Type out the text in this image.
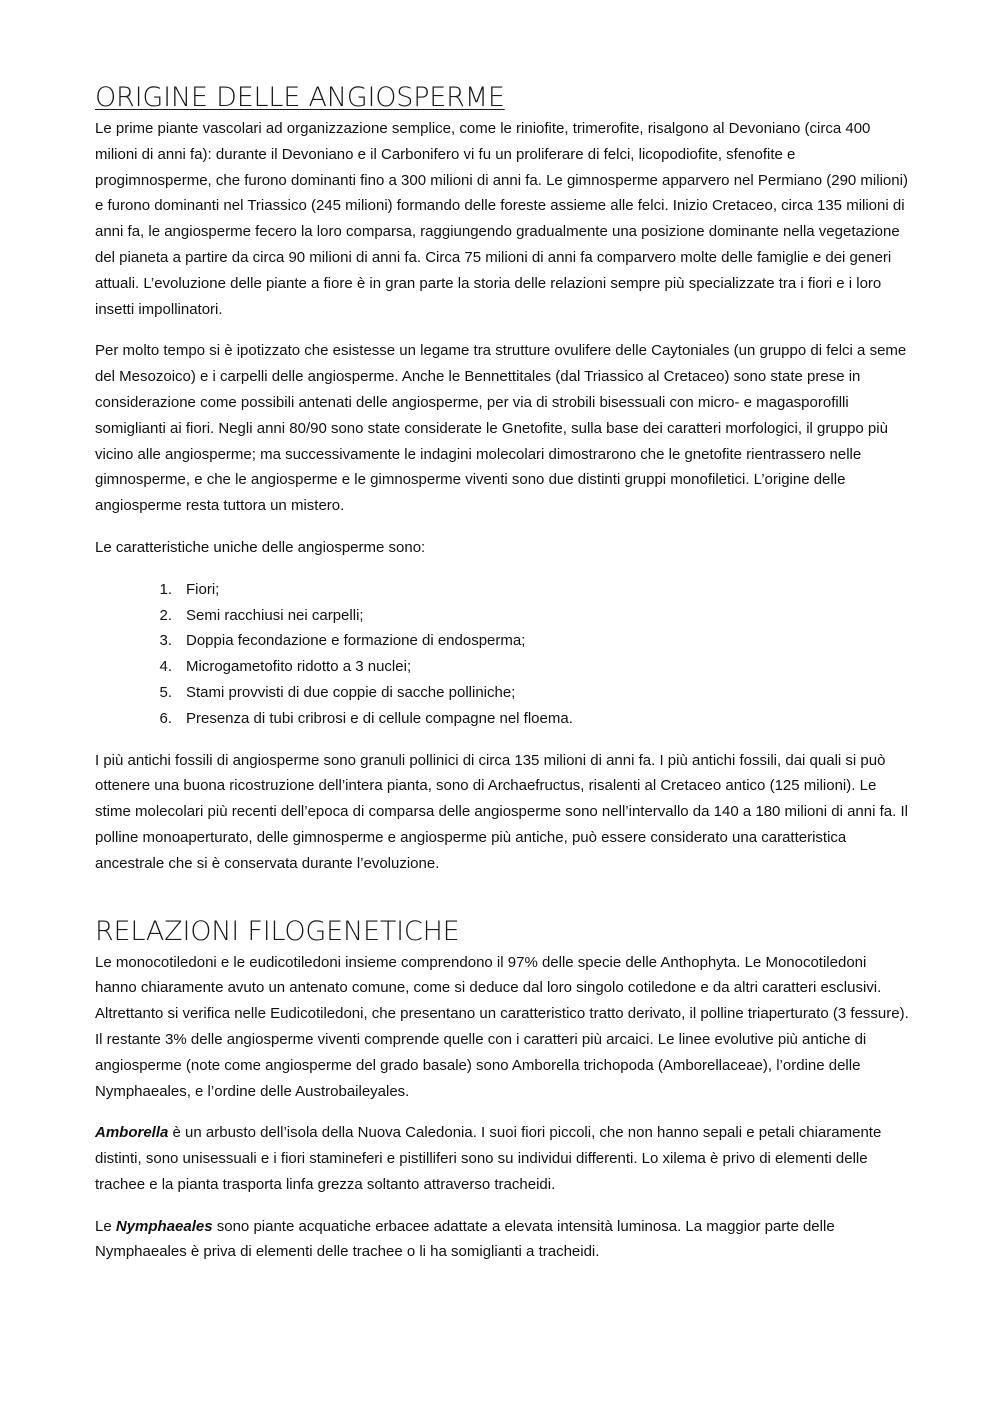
ORIGINE DELLE ANGIOSPERME

Le prime piante vascolari ad organizzazione semplice, come le riniofite, trimerofite, risalgono al Devoniano (circa 400 milioni di anni fa): durante il Devoniano e il Carbonifero vi fu un proliferare di felci, licopodiofite, sfenofite e progimnosperme, che furono dominanti fino a 300 milioni di anni fa. Le gimnosperme apparvero nel Permiano (290 milioni) e furono dominanti nel Triassico (245 milioni) formando delle foreste assieme alle felci. Inizio Cretaceo, circa 135 milioni di anni fa, le angiosperme fecero la loro comparsa, raggiungendo gradualmente una posizione dominante nella vegetazione del pianeta a partire da circa 90 milioni di anni fa. Circa 75 milioni di anni fa comparvero molte delle famiglie e dei generi attuali. L’evoluzione delle piante a fiore è in gran parte la storia delle relazioni sempre più specializzate tra i fiori e i loro insetti impollinatori.

Per molto tempo si è ipotizzato che esistesse un legame tra strutture ovulifere delle Caytoniales (un gruppo di felci a seme del Mesozoico) e i carpelli delle angiosperme. Anche le Bennettitales (dal Triassico al Cretaceo) sono state prese in considerazione come possibili antenati delle angiosperme, per via di strobili bisessuali con micro- e magasporofilli somiglianti ai fiori. Negli anni 80/90 sono state considerate le Gnetofite, sulla base dei caratteri morfologici, il gruppo più vicino alle angiosperme; ma successivamente le indagini molecolari dimostrarono che le gnetofite rientrassero nelle gimnosperme, e che le angiosperme e le gimnosperme viventi sono due distinti gruppi monofiletici. L’origine delle angiosperme resta tuttora un mistero.

Le caratteristiche uniche delle angiosperme sono:

1. Fiori;
2. Semi racchiusi nei carpelli;
3. Doppia fecondazione e formazione di endosperma;
4. Microgametofito ridotto a 3 nuclei;
5. Stami provvisti di due coppie di sacche polliniche;
6. Presenza di tubi cribrosi e di cellule compagne nel floema.

I più antichi fossili di angiosperme sono granuli pollinici di circa 135 milioni di anni fa. I più antichi fossili, dai quali si può ottenere una buona ricostruzione dell’intera pianta, sono di Archaefructus, risalenti al Cretaceo antico (125 milioni). Le stime molecolari più recenti dell’epoca di comparsa delle angiosperme sono nell’intervallo da 140 a 180 milioni di anni fa. Il polline monoaperturato, delle gimnosperme e angiosperme più antiche, può essere considerato una caratteristica ancestrale che si è conservata durante l’evoluzione.

RELAZIONI FILOGENETICHE

Le monocotiledoni e le eudicotiledoni insieme comprendono il 97% delle specie delle Anthophyta. Le Monocotiledoni hanno chiaramente avuto un antenato comune, come si deduce dal loro singolo cotiledone e da altri caratteri esclusivi. Altrettanto si verifica nelle Eudicotiledoni, che presentano un caratteristico tratto derivato, il polline triaperturato (3 fessure). Il restante 3% delle angiosperme viventi comprende quelle con i caratteri più arcaici. Le linee evolutive più antiche di angiosperme (note come angiosperme del grado basale) sono Amborella trichopoda (Amborellaceae), l’ordine delle Nymphaeales, e l’ordine delle Austrobaileyales.

Amborella è un arbusto dell’isola della Nuova Caledonia. I suoi fiori piccoli, che non hanno sepali e petali chiaramente distinti, sono unisessuali e i fiori stamineferi e pistilliferi sono su individui differenti. Lo xilema è privo di elementi delle trachee e la pianta trasporta linfa grezza soltanto attraverso tracheidi.

Le Nymphaeales sono piante acquatiche erbacee adattate a elevata intensità luminosa. La maggior parte delle Nymphaeales è priva di elementi delle trachee o li ha somiglianti a tracheidi.
